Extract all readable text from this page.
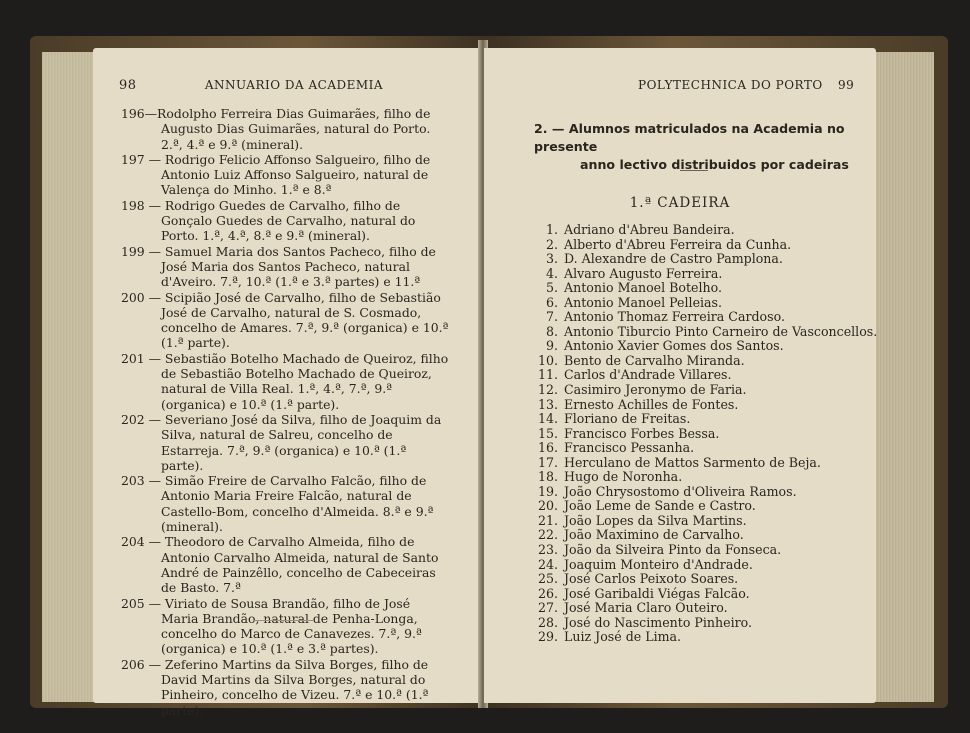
98	ANNUARIO DA ACADEMIA
196—Rodolpho Ferreira Dias Guimarães, filho de Augusto Dias Guimarães, natural do Porto. 2.ª, 4.ª e 9.ª (mineral).
197 — Rodrigo Felicio Affonso Salgueiro, filho de Antonio Luiz Affonso Salgueiro, natural de Valença do Minho. 1.ª e 8.ª
198 — Rodrigo Guedes de Carvalho, filho de Gonçalo Guedes de Carvalho, natural do Porto. 1.ª, 4.ª, 8.ª e 9.ª (mineral).
199 — Samuel Maria dos Santos Pacheco, filho de José Maria dos Santos Pacheco, natural d'Aveiro. 7.ª, 10.ª (1.ª e 3.ª partes) e 11.ª
200 — Scipião José de Carvalho, filho de Sebastião José de Carvalho, natural de S. Cosmado, concelho de Amares. 7.ª, 9.ª (organica) e 10.ª (1.ª parte).
201 — Sebastião Botelho Machado de Queiroz, filho de Sebastião Botelho Machado de Queiroz, natural de Villa Real. 1.ª, 4.ª, 7.ª, 9.ª (organica) e 10.ª (1.ª parte).
202 — Severiano José da Silva, filho de Joaquim da Silva, natural de Salreu, concelho de Estarreja. 7.ª, 9.ª (organica) e 10.ª (1.ª parte).
203 — Simão Freire de Carvalho Falcão, filho de Antonio Maria Freire Falcão, natural de Castello-Bom, concelho d'Almeida. 8.ª e 9.ª (mineral).
204 — Theodoro de Carvalho Almeida, filho de Antonio Carvalho Almeida, natural de Santo André de Painzêllo, concelho de Cabeceiras de Basto. 7.ª
205 — Viriato de Sousa Brandão, filho de José Maria Brandão, natural de Penha-Longa, concelho do Marco de Canavezes. 7.ª, 9.ª (organica) e 10.ª (1.ª e 3.ª partes).
206 — Zeferino Martins da Silva Borges, filho de David Martins da Silva Borges, natural do Pinheiro, concelho de Vizeu. 7.ª e 10.ª (1.ª parte).
POLYTECHNICA DO PORTO 99
2. — Alumnos matriculados na Academia no presente
anno lectivo distribuidos por cadeiras
1.ª CADEIRA
1. Adriano d'Abreu Bandeira.
2. Alberto d'Abreu Ferreira da Cunha.
3. D. Alexandre de Castro Pamplona.
4. Alvaro Augusto Ferreira.
5. Antonio Manoel Botelho.
6. Antonio Manoel Pelleias.
7. Antonio Thomaz Ferreira Cardoso.
8. Antonio Tiburcio Pinto Carneiro de Vasconcellos.
9. Antonio Xavier Gomes dos Santos.
10. Bento de Carvalho Miranda.
11. Carlos d'Andrade Villares.
12. Casimiro Jeronymo de Faria.
13. Ernesto Achilles de Fontes.
14. Floriano de Freitas.
15. Francisco Forbes Bessa.
16. Francisco Pessanha.
17. Herculano de Mattos Sarmento de Beja.
18. Hugo de Noronha.
19. João Chrysostomo d'Oliveira Ramos.
20. João Leme de Sande e Castro.
21. João Lopes da Silva Martins.
22. João Maximino de Carvalho.
23. João da Silveira Pinto da Fonseca.
24. Joaquim Monteiro d'Andrade.
25. José Carlos Peixoto Soares.
26. José Garibaldi Viégas Falcão.
27. José Maria Claro Outeiro.
28. José do Nascimento Pinheiro.
29. Luiz José de Lima.
